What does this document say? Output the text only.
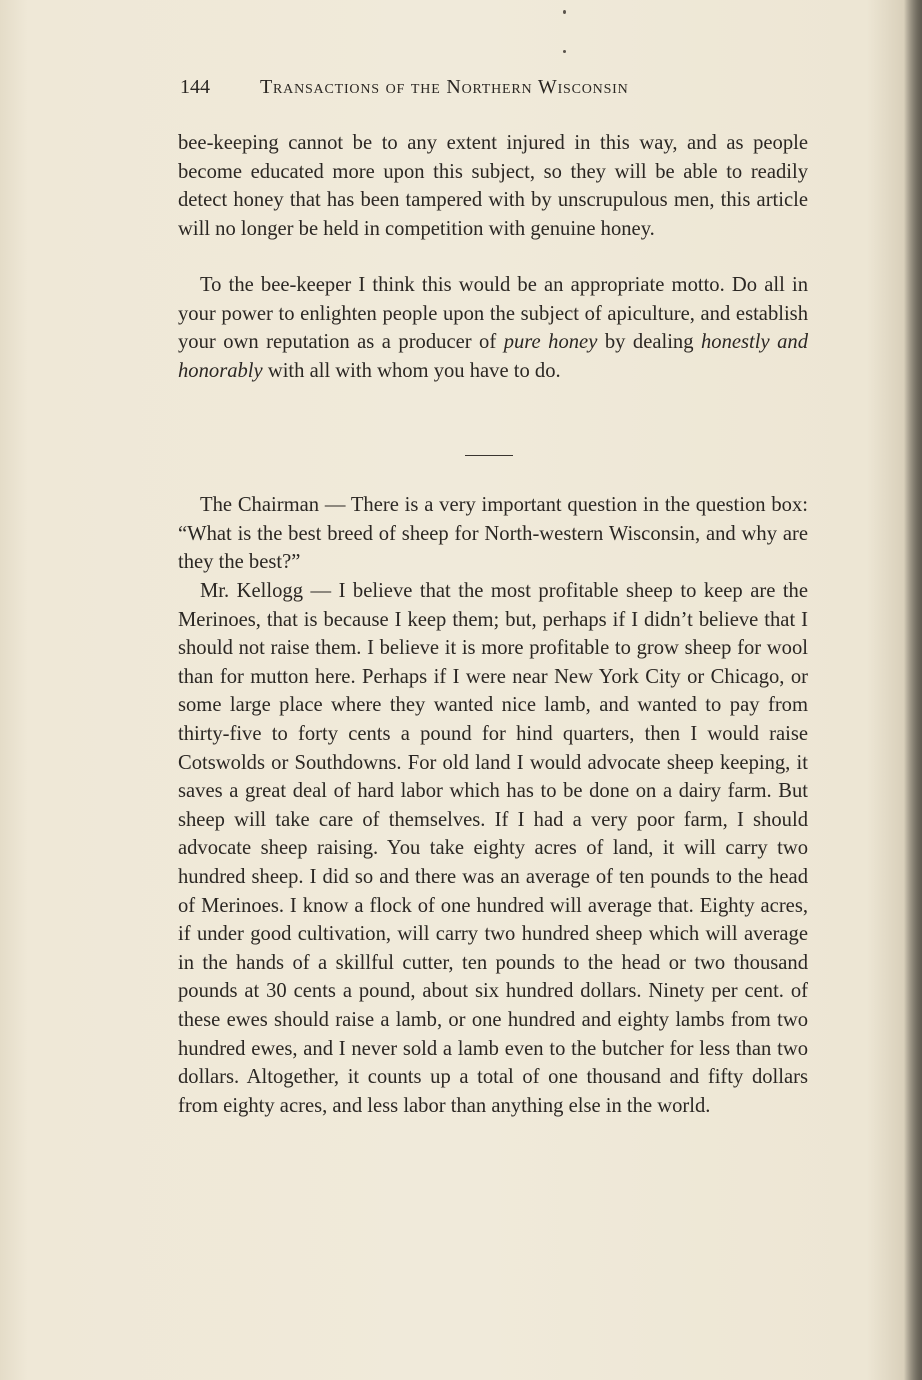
144	Transactions of the Northern Wisconsin

bee-keeping cannot be to any extent injured in this way, and as people become educated more upon this subject, so they will be able to readily detect honey that has been tampered with by unscrupulous men, this article will no longer be held in competition with genuine honey.

To the bee-keeper I think this would be an appropriate motto. Do all in your power to enlighten people upon the subject of apiculture, and establish your own reputation as a producer of pure honey by dealing honestly and honorably with all with whom you have to do.

The Chairman — There is a very important question in the question box: “What is the best breed of sheep for North-western Wisconsin, and why are they the best?”

Mr. Kellogg — I believe that the most profitable sheep to keep are the Merinoes, that is because I keep them; but, perhaps if I didn’t believe that I should not raise them. I believe it is more profitable to grow sheep for wool than for mutton here. Perhaps if I were near New York City or Chicago, or some large place where they wanted nice lamb, and wanted to pay from thirty-five to forty cents a pound for hind quarters, then I would raise Cotswolds or Southdowns. For old land I would advocate sheep keeping, it saves a great deal of hard labor which has to be done on a dairy farm. But sheep will take care of themselves. If I had a very poor farm, I should advocate sheep raising. You take eighty acres of land, it will carry two hundred sheep. I did so and there was an average of ten pounds to the head of Merinoes. I know a flock of one hundred will average that. Eighty acres, if under good cultivation, will carry two hundred sheep which will average in the hands of a skillful cutter, ten pounds to the head or two thousand pounds at 30 cents a pound, about six hundred dollars. Ninety per cent. of these ewes should raise a lamb, or one hundred and eighty lambs from two hundred ewes, and I never sold a lamb even to the butcher for less than two dollars. Altogether, it counts up a total of one thousand and fifty dollars from eighty acres, and less labor than anything else in the world.
